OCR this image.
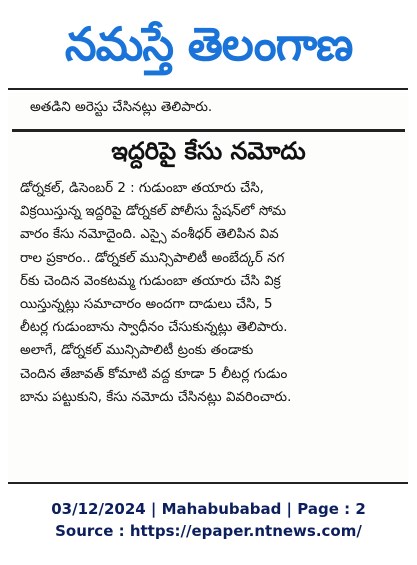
నమస్తే తెలంగాణ
అతడిని అరెస్టు చేసినట్లు తెలిపారు.
ఇద్దరిపై కేసు నమోదు
డోర్నకల్, డిసెంబర్ 2 : గుడుంబా తయారు చేసి,
విక్రయిస్తున్న ఇద్దరిపై డోర్నకల్ పోలీసు స్టేషన్‌లో సోమ
వారం కేసు నమోదైంది. ఎస్సై వంశీధర్ తెలిపిన వివ
రాల ప్రకారం.. డోర్నకల్ మున్సిపాలిటీ అంబేద్కర్ నగ
ర్‌కు చెందిన వెంకటమ్మ గుడుంబా తయారు చేసి విక్ర
యిస్తున్నట్లు సమాచారం అందగా దాడులు చేసి, 5
లీటర్ల గుడుంబాను స్వాధీనం చేసుకున్నట్లు తెలిపారు.
అలాగే, డోర్నకల్ మున్సిపాలిటీ ట్రంకు తండాకు
చెందిన తేజావత్ కోమాటి వద్ద కూడా 5 లీటర్ల గుడుం
బాను పట్టుకుని, కేసు నమోదు చేసినట్లు వివరించారు.
03/12/2024 | Mahabubabad | Page : 2
Source : https://epaper.ntnews.com/
